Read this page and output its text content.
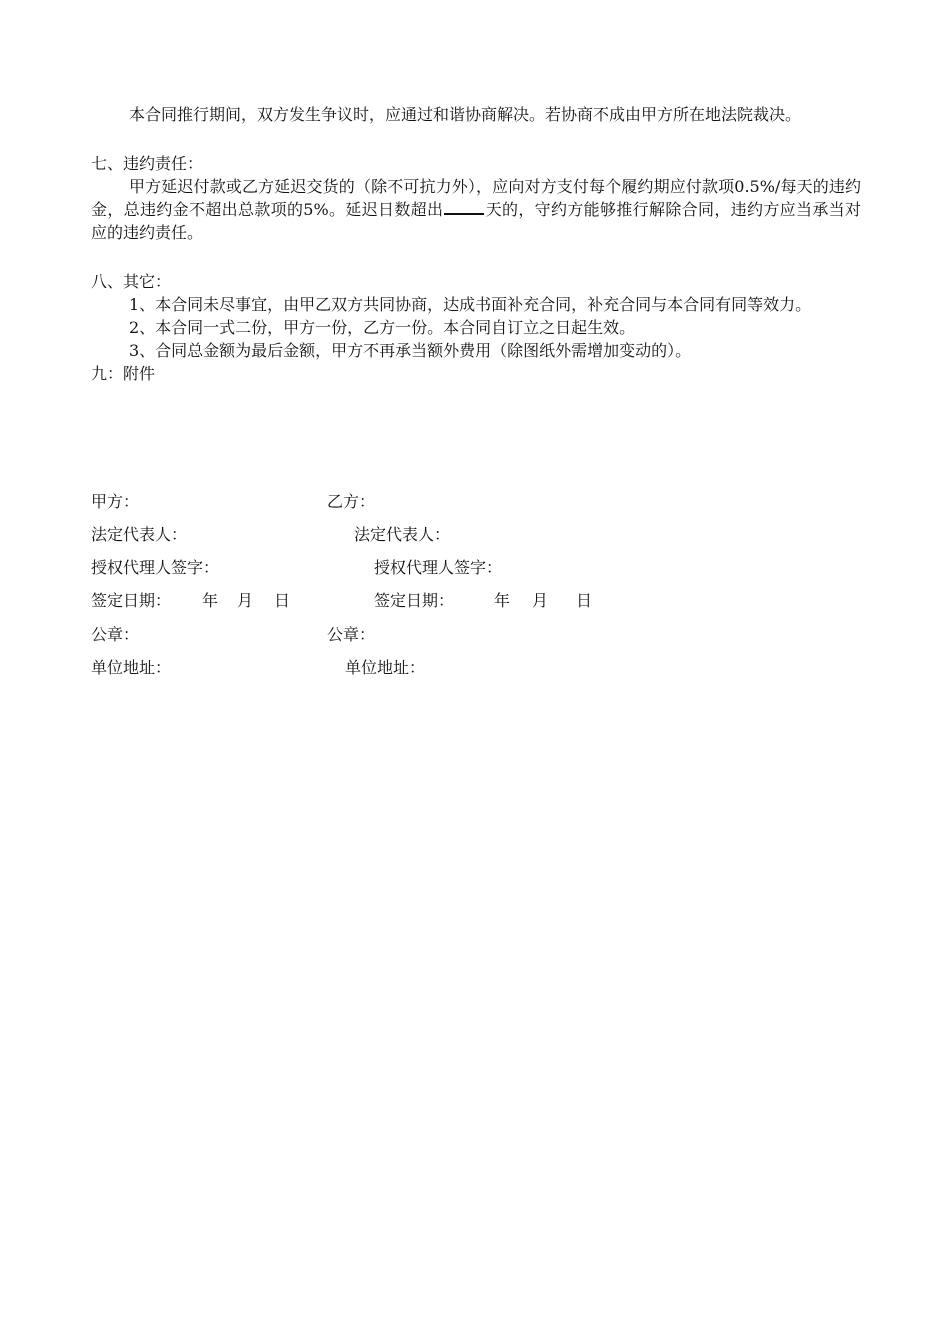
本合同推行期间，双方发生争议时，应通过和谐协商解决。若协商不成由甲方所在地法院裁决。

七、违约责任：

甲方延迟付款或乙方延迟交货的（除不可抗力外），应向对方支付每个履约期应付款项0.5%/每天的违约金，总违约金不超出总款项的5%。延迟日数超出	天的，守约方能够推行解除合同，违约方应当承当对应的违约责任。

八、其它：

1、本合同未尽事宜，由甲乙双方共同协商，达成书面补充合同，补充合同与本合同有同等效力。

2、本合同一式二份，甲方一份，乙方一份。本合同自订立之日起生效。

3、合同总金额为最后金额，甲方不再承当额外费用（除图纸外需增加变动的）。

九：附件

甲方：	乙方：
法定代表人：	法定代表人：
授权代理人签字：	授权代理人签字：
签定日期： 年 月 日	签定日期： 年 月 日
公章：	公章：
单位地址：	单位地址：
